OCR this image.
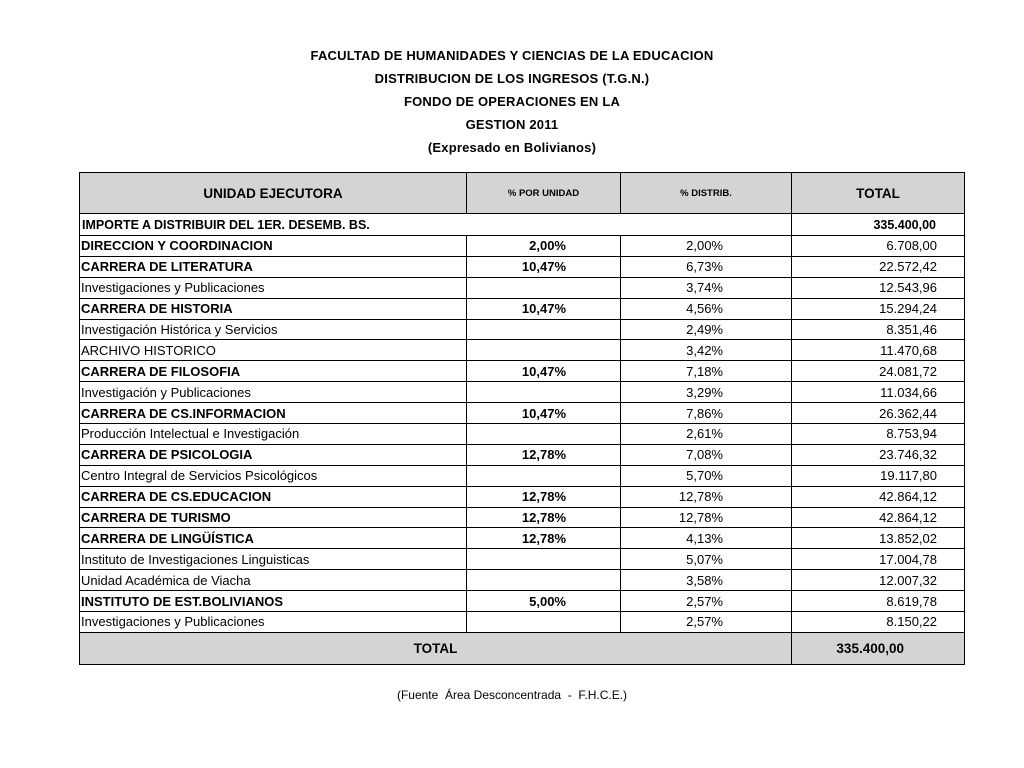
FACULTAD DE HUMANIDADES Y CIENCIAS DE LA EDUCACION
DISTRIBUCION DE LOS INGRESOS (T.G.N.)
FONDO DE OPERACIONES EN LA
GESTION 2011
(Expresado en Bolivianos)
UNIDAD EJECUTORA	% POR UNIDAD	% DISTRIB.	TOTAL
IMPORTE A DISTRIBUIR DEL 1ER. DESEMB. BS.			335.400,00
DIRECCION Y COORDINACION	2,00%	2,00%	6.708,00
CARRERA DE LITERATURA	10,47%	6,73%	22.572,42
Investigaciones y Publicaciones		3,74%	12.543,96
CARRERA DE HISTORIA	10,47%	4,56%	15.294,24
Investigación Histórica y Servicios		2,49%	8.351,46
ARCHIVO HISTORICO		3,42%	11.470,68
CARRERA DE FILOSOFIA	10,47%	7,18%	24.081,72
Investigación y Publicaciones		3,29%	11.034,66
CARRERA DE CS.INFORMACION	10,47%	7,86%	26.362,44
Producción Intelectual e Investigación		2,61%	8.753,94
CARRERA DE PSICOLOGIA	12,78%	7,08%	23.746,32
Centro Integral de Servicios Psicológicos		5,70%	19.117,80
CARRERA DE CS.EDUCACION	12,78%	12,78%	42.864,12
CARRERA DE TURISMO	12,78%	12,78%	42.864,12
CARRERA DE LINGÜÍSTICA	12,78%	4,13%	13.852,02
Instituto de Investigaciones Linguisticas		5,07%	17.004,78
Unidad Académica de Viacha		3,58%	12.007,32
INSTITUTO DE EST.BOLIVIANOS	5,00%	2,57%	8.619,78
Investigaciones y Publicaciones		2,57%	8.150,22
TOTAL			335.400,00
(Fuente  Área Desconcentrada  -  F.H.C.E.)
